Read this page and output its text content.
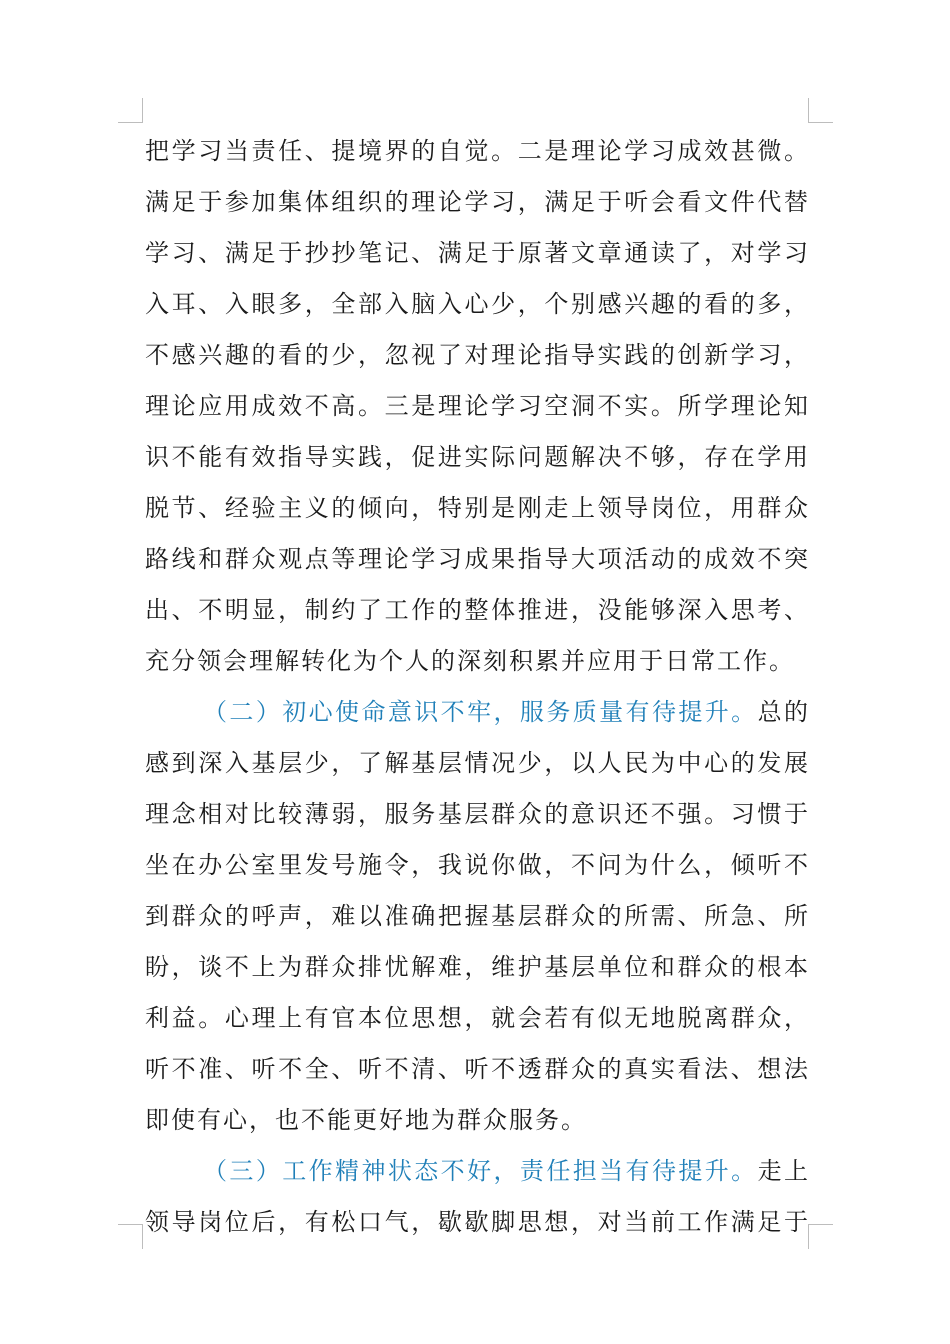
把学习当责任、提境界的自觉。二是理论学习成效甚微。
满足于参加集体组织的理论学习，满足于听会看文件代替
学习、满足于抄抄笔记、满足于原著文章通读了，对学习
入耳、入眼多，全部入脑入心少，个别感兴趣的看的多，
不感兴趣的看的少，忽视了对理论指导实践的创新学习，
理论应用成效不高。三是理论学习空洞不实。所学理论知
识不能有效指导实践，促进实际问题解决不够，存在学用
脱节、经验主义的倾向，特别是刚走上领导岗位，用群众
路线和群众观点等理论学习成果指导大项活动的成效不突
出、不明显，制约了工作的整体推进，没能够深入思考、
充分领会理解转化为个人的深刻积累并应用于日常工作。
（二）初心使命意识不牢，服务质量有待提升。总的
感到深入基层少，了解基层情况少，以人民为中心的发展
理念相对比较薄弱，服务基层群众的意识还不强。习惯于
坐在办公室里发号施令，我说你做，不问为什么，倾听不
到群众的呼声，难以准确把握基层群众的所需、所急、所
盼，谈不上为群众排忧解难，维护基层单位和群众的根本
利益。心理上有官本位思想，就会若有似无地脱离群众，
听不准、听不全、听不清、听不透群众的真实看法、想法
即使有心，也不能更好地为群众服务。
（三）工作精神状态不好，责任担当有待提升。走上
领导岗位后，有松口气，歇歇脚思想，对当前工作满足于
